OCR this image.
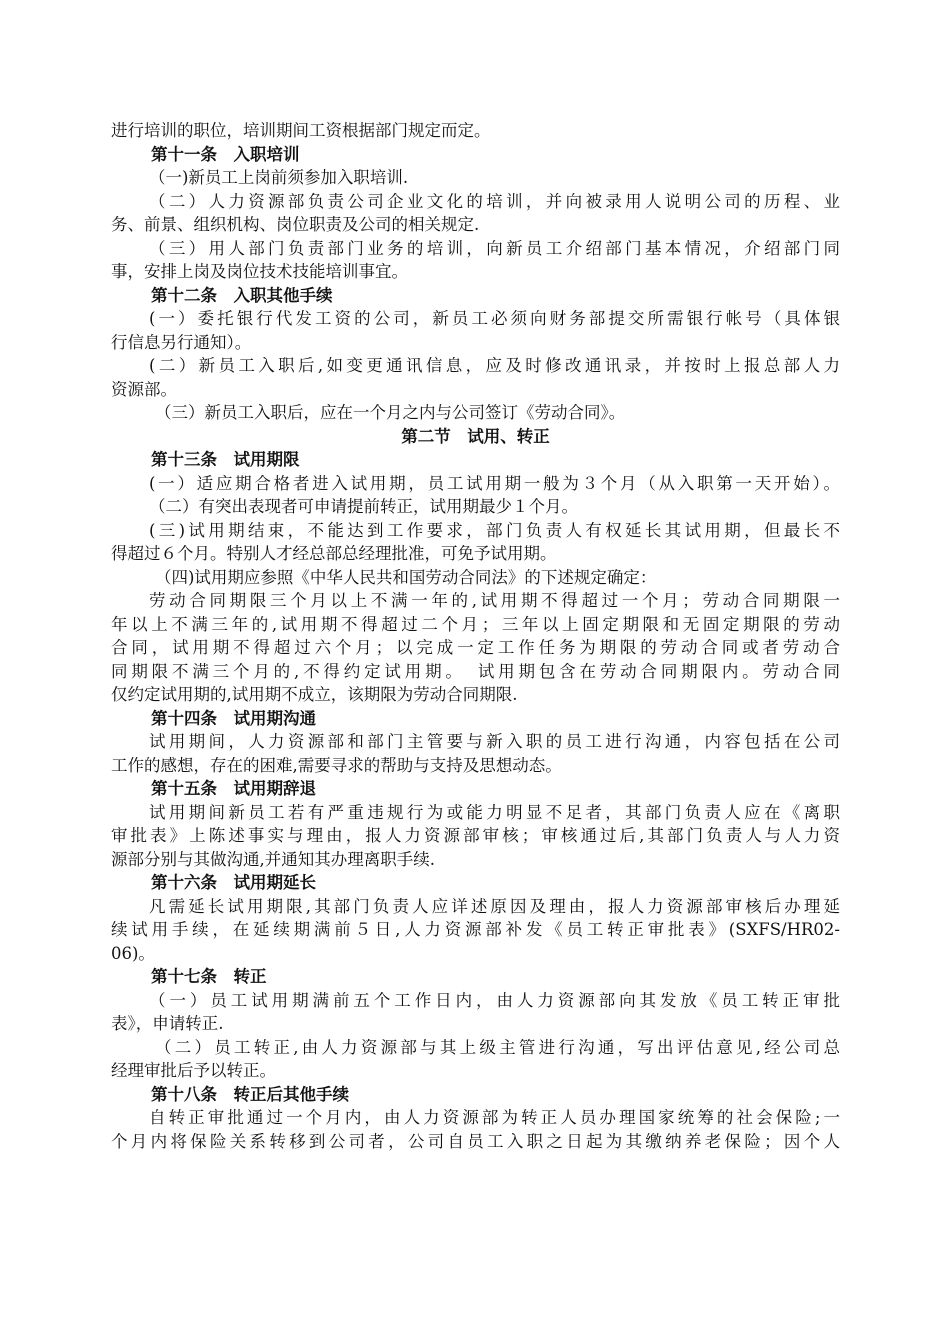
进行培训的职位，培训期间工资根据部门规定而定。
第十一条　入职培训
（一)新员工上岗前须参加入职培训.
（二）人力资源部负责公司企业文化的培训，并向被录用人说明公司的历程、业
务、前景、组织机构、岗位职责及公司的相关规定.
（三）用人部门负责部门业务的培训，向新员工介绍部门基本情况，介绍部门同
事，安排上岗及岗位技术技能培训事宜。
第十二条　入职其他手续
(一）委托银行代发工资的公司，新员工必须向财务部提交所需银行帐号（具体银
行信息另行通知）。
(二）新员工入职后,如变更通讯信息，应及时修改通讯录，并按时上报总部人力
资源部。
（三）新员工入职后，应在一个月之内与公司签订《劳动合同》。
第二节　试用、转正
第十三条　试用期限
(一）适应期合格者进入试用期，员工试用期一般为３个月（从入职第一天开始）。
（二）有突出表现者可申请提前转正，试用期最少１个月。
(三)试用期结束，不能达到工作要求，部门负责人有权延长其试用期，但最长不
得超过６个月。特别人才经总部总经理批准，可免予试用期。
（四)试用期应参照《中华人民共和国劳动合同法》的下述规定确定：
劳动合同期限三个月以上不满一年的,试用期不得超过一个月；劳动合同期限一
年以上不满三年的,试用期不得超过二个月；三年以上固定期限和无固定期限的劳动
合同，试用期不得超过六个月；以完成一定工作任务为期限的劳动合同或者劳动合
同期限不满三个月的,不得约定试用期。　试用期包含在劳动合同期限内。劳动合同
仅约定试用期的,试用期不成立，该期限为劳动合同期限.
第十四条　试用期沟通
试用期间，人力资源部和部门主管要与新入职的员工进行沟通，内容包括在公司
工作的感想，存在的困难,需要寻求的帮助与支持及思想动态。
第十五条　试用期辞退
试用期间新员工若有严重违规行为或能力明显不足者，其部门负责人应在《离职
审批表》上陈述事实与理由，报人力资源部审核；审核通过后,其部门负责人与人力资
源部分别与其做沟通,并通知其办理离职手续.
第十六条　试用期延长
凡需延长试用期限,其部门负责人应详述原因及理由，报人力资源部审核后办理延
续试用手续，在延续期满前５日,人力资源部补发《员工转正审批表》(SXFS/HR02-
06)。
第十七条　转正
（一）员工试用期满前五个工作日内，由人力资源部向其发放《员工转正审批
表》，申请转正.
（二）员工转正,由人力资源部与其上级主管进行沟通，写出评估意见,经公司总
经理审批后予以转正。
第十八条　转正后其他手续
自转正审批通过一个月内，由人力资源部为转正人员办理国家统筹的社会保险;一
个月内将保险关系转移到公司者，公司自员工入职之日起为其缴纳养老保险；因个人
